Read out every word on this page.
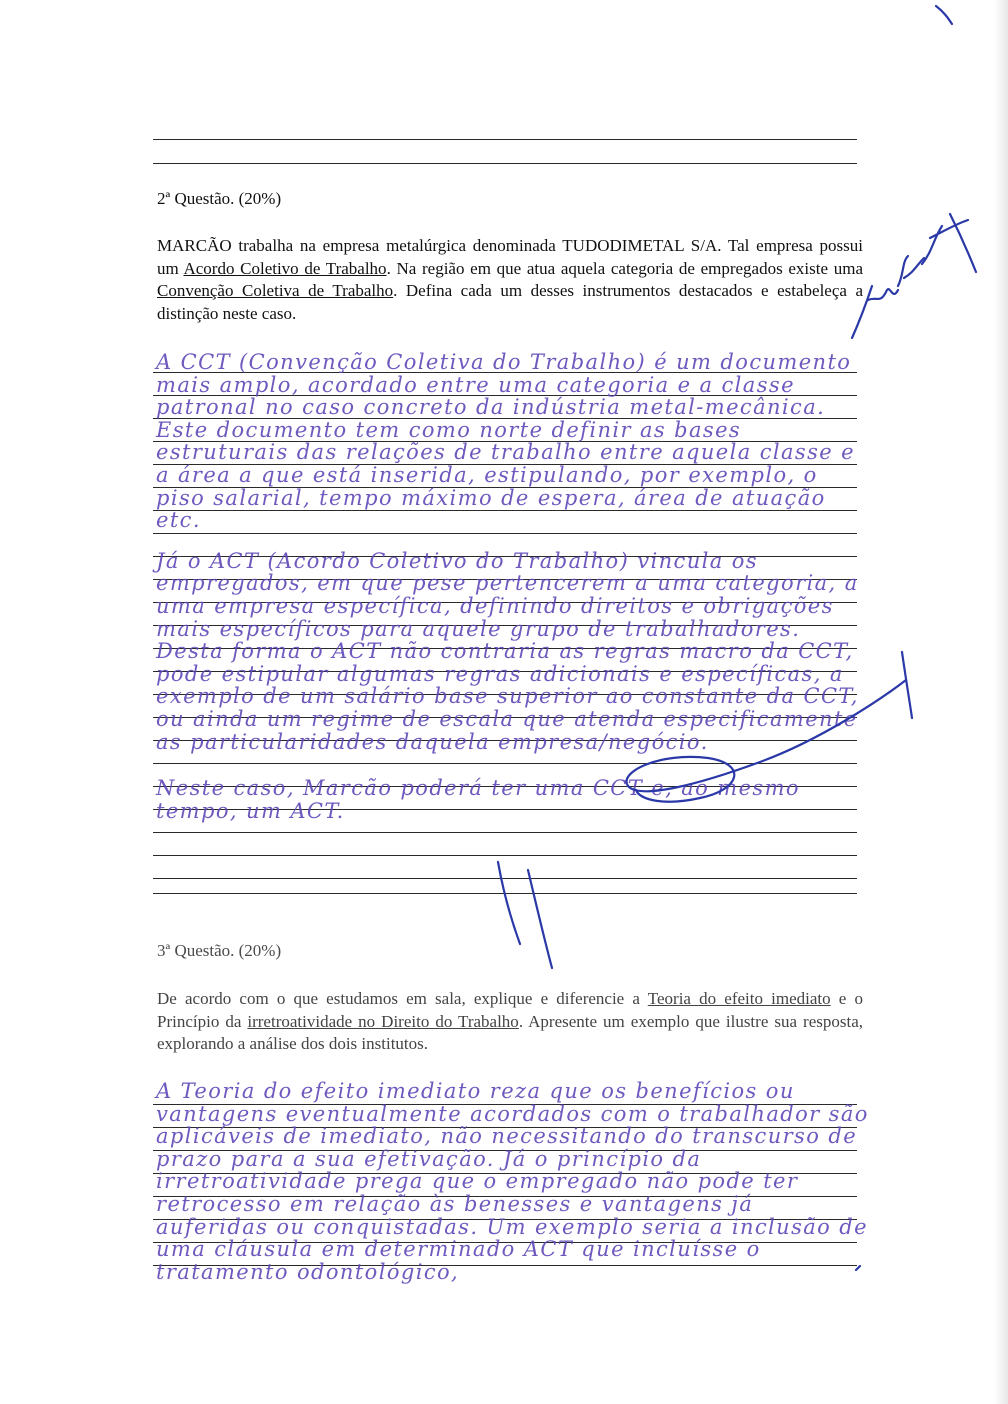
2ª Questão. (20%)
MARCÃO trabalha na empresa metalúrgica denominada TUDODIMETAL S/A. Tal empresa possui um Acordo Coletivo de Trabalho. Na região em que atua aquela categoria de empregados existe uma Convenção Coletiva de Trabalho. Defina cada um desses instrumentos destacados e estabeleça a distinção neste caso.

A CCT (Convenção Coletiva do Trabalho) é um documento mais amplo, acordado entre uma categoria e a classe patronal no caso concreto da indústria metal-mecânica. Este documento tem como norte definir as bases estruturais das relações de trabalho entre aquela classe e a área a que está inserida, estipulando, por exemplo, o piso salarial, tempo máximo de espera, área de atuação etc.

Já o ACT (Acordo Coletivo do Trabalho) vincula os empregados, em que pese pertencerem a uma categoria, a uma empresa específica, definindo direitos e obrigações mais específicos para aquele grupo de trabalhadores. Desta forma o ACT não contraria as regras macro da CCT, pode estipular algumas regras adicionais e específicas, a exemplo de um salário base superior ao constante da CCT, ou ainda um regime de escala que atenda especificamente as particularidades daquela empresa/negócio.

Neste caso, Marcão poderá ter uma CCT e, ao mesmo tempo, um ACT.

3ª Questão. (20%)
De acordo com o que estudamos em sala, explique e diferencie a Teoria do efeito imediato e o Princípio da irretroatividade no Direito do Trabalho. Apresente um exemplo que ilustre sua resposta, explorando a análise dos dois institutos.

A Teoria do efeito imediato reza que os benefícios ou vantagens eventualmente acordados com o trabalhador são aplicáveis de imediato, não necessitando do transcurso de prazo para a sua efetivação. Já o princípio da irretroatividade prega que o empregado não pode ter retrocesso em relação às benesses e vantagens já auferidas ou conquistadas. Um exemplo seria a inclusão de uma cláusula em determinado ACT que incluísse o tratamento odontológico,
